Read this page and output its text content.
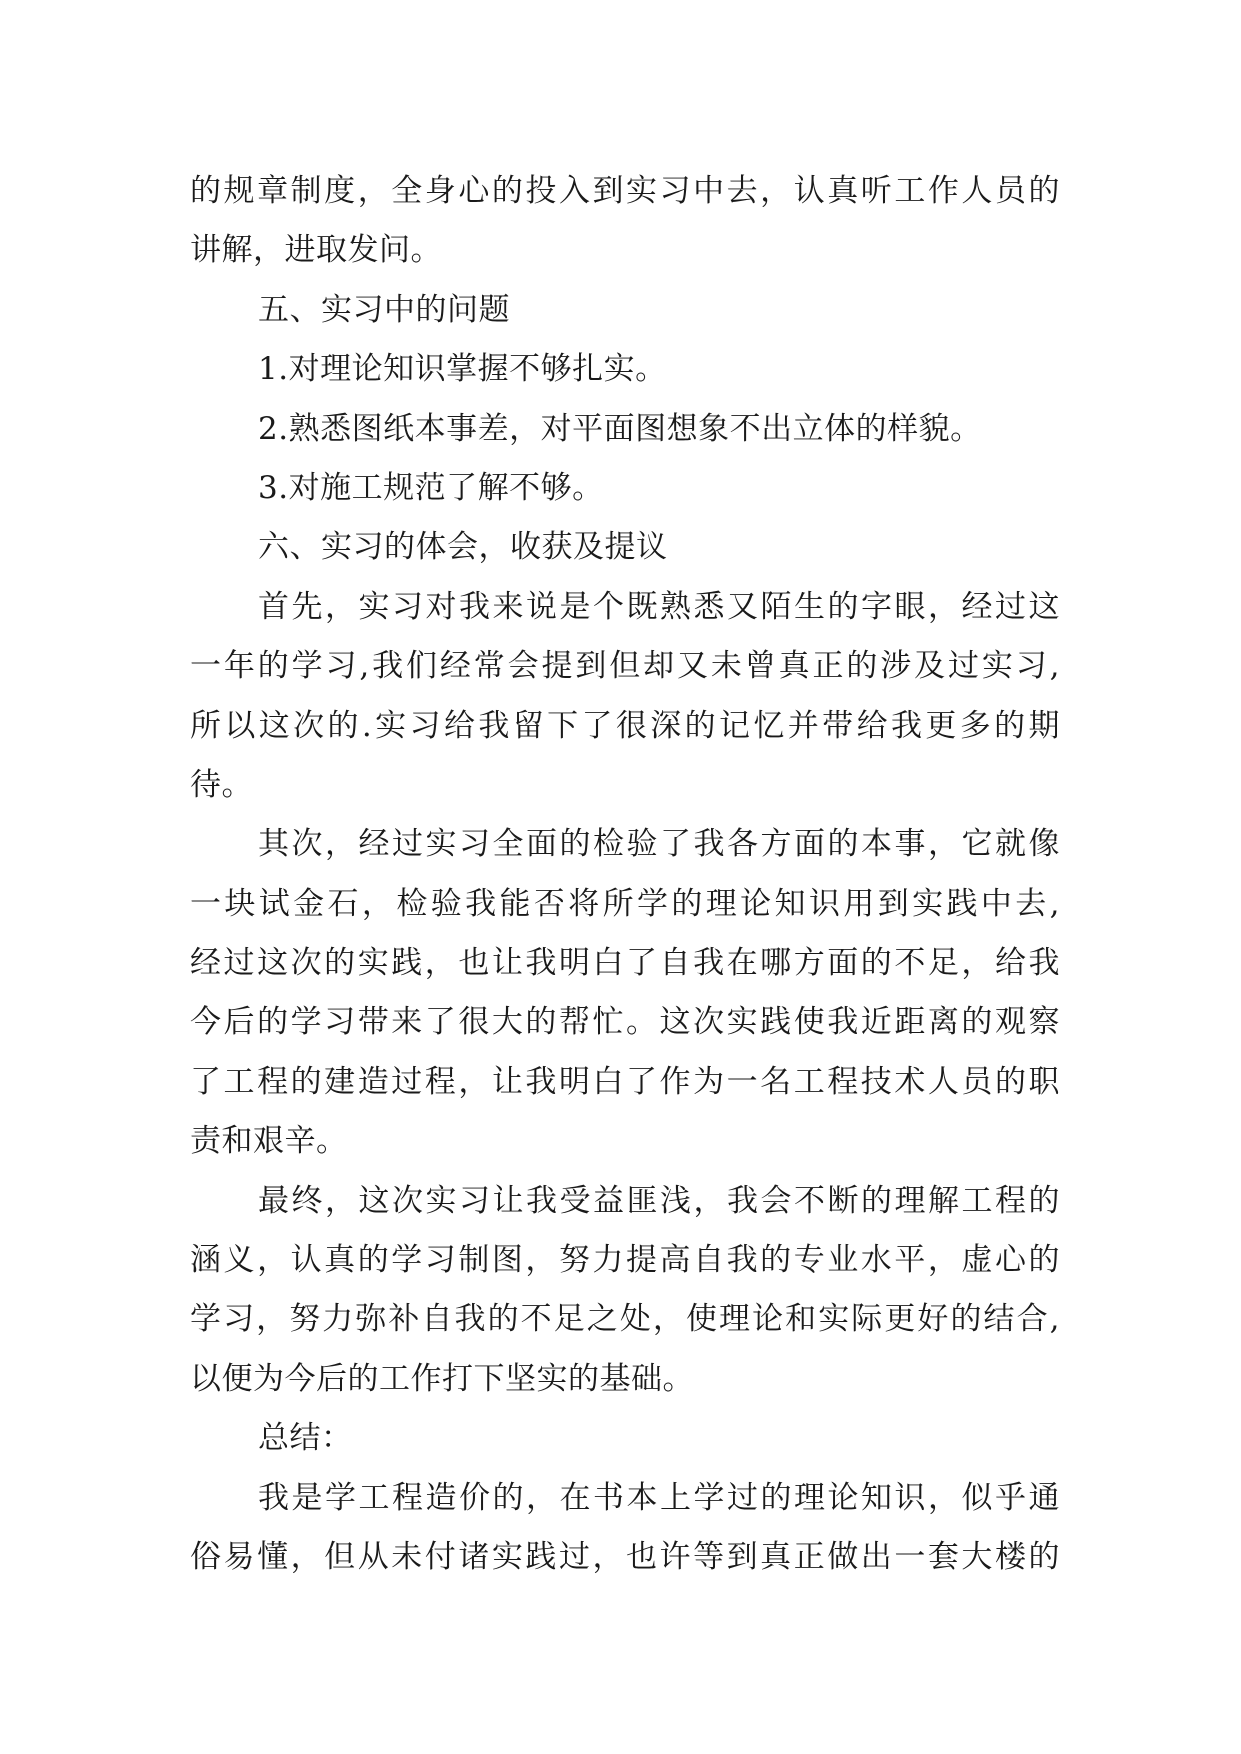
的规章制度，全身心的投入到实习中去，认真听工作人员的
讲解，进取发问。
五、实习中的问题
1.对理论知识掌握不够扎实。
2.熟悉图纸本事差，对平面图想象不出立体的样貌。
3.对施工规范了解不够。
六、实习的体会，收获及提议
首先，实习对我来说是个既熟悉又陌生的字眼，经过这
一年的学习,我们经常会提到但却又未曾真正的涉及过实习,
所以这次的.实习给我留下了很深的记忆并带给我更多的期
待。
其次，经过实习全面的检验了我各方面的本事，它就像
一块试金石，检验我能否将所学的理论知识用到实践中去,
经过这次的实践，也让我明白了自我在哪方面的不足，给我
今后的学习带来了很大的帮忙。这次实践使我近距离的观察
了工程的建造过程，让我明白了作为一名工程技术人员的职
责和艰辛。
最终，这次实习让我受益匪浅，我会不断的理解工程的
涵义，认真的学习制图，努力提高自我的专业水平，虚心的
学习，努力弥补自我的不足之处，使理论和实际更好的结合,
以便为今后的工作打下坚实的基础。
总结：
我是学工程造价的，在书本上学过的理论知识，似乎通
俗易懂，但从未付诸实践过，也许等到真正做出一套大楼的
